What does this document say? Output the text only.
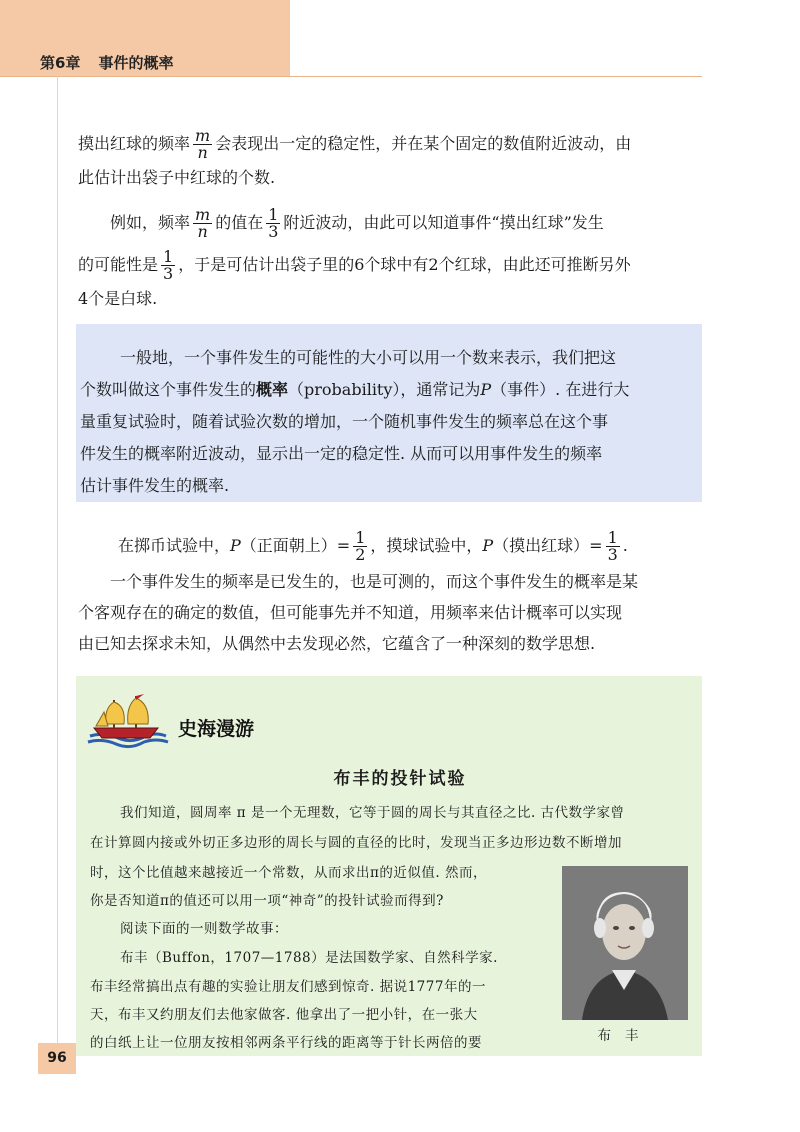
第6章 事件的概率
摸出红球的频率 $\frac{m}{n}$ 会表现出一定的稳定性，并在某个固定的数值附近波动，由
此估计出袋子中红球的个数.
例如，频率 $\frac{m}{n}$ 的值在 $\frac{1}{3}$ 附近波动，由此可以知道事件“摸出红球”发生
的可能性是 $\frac{1}{3}$ ，于是可估计出袋子里的6个球中有2个红球，由此还可推断另外
4个是白球.
一般地，一个事件发生的可能性的大小可以用一个数来表示，我们把这
个数叫做这个事件发生的概率（probability），通常记为P（事件）. 在进行大
量重复试验时，随着试验次数的增加，一个随机事件发生的频率总在这个事
件发生的概率附近波动，显示出一定的稳定性. 从而可以用事件发生的频率
估计事件发生的概率.
在掷币试验中，P（正面朝上）= $\frac{1}{2}$ ，摸球试验中，P（摸出红球）= $\frac{1}{3}$ .
一个事件发生的频率是已发生的，也是可测的，而这个事件发生的概率是某
个客观存在的确定的数值，但可能事先并不知道，用频率来估计概率可以实现
由已知去探求未知，从偶然中去发现必然，它蕴含了一种深刻的数学思想.
史海漫游
布丰的投针试验
我们知道，圆周率 π 是一个无理数，它等于圆的周长与其直径之比. 古代数学家曾
在计算圆内接或外切正多边形的周长与圆的直径的比时，发现当正多边形边数不断增加
时，这个比值越来越接近一个常数，从而求出π的近似值. 然而，
你是否知道π的值还可以用一项“神奇”的投针试验而得到?
阅读下面的一则数学故事：
布丰（Buffon，1707—1788）是法国数学家、自然科学家.
布丰经常搞出点有趣的实验让朋友们感到惊奇. 据说1777年的一
天，布丰又约朋友们去他家做客. 他拿出了一把小针，在一张大
的白纸上让一位朋友按相邻两条平行线的距离等于针长两倍的要	布丰
96
